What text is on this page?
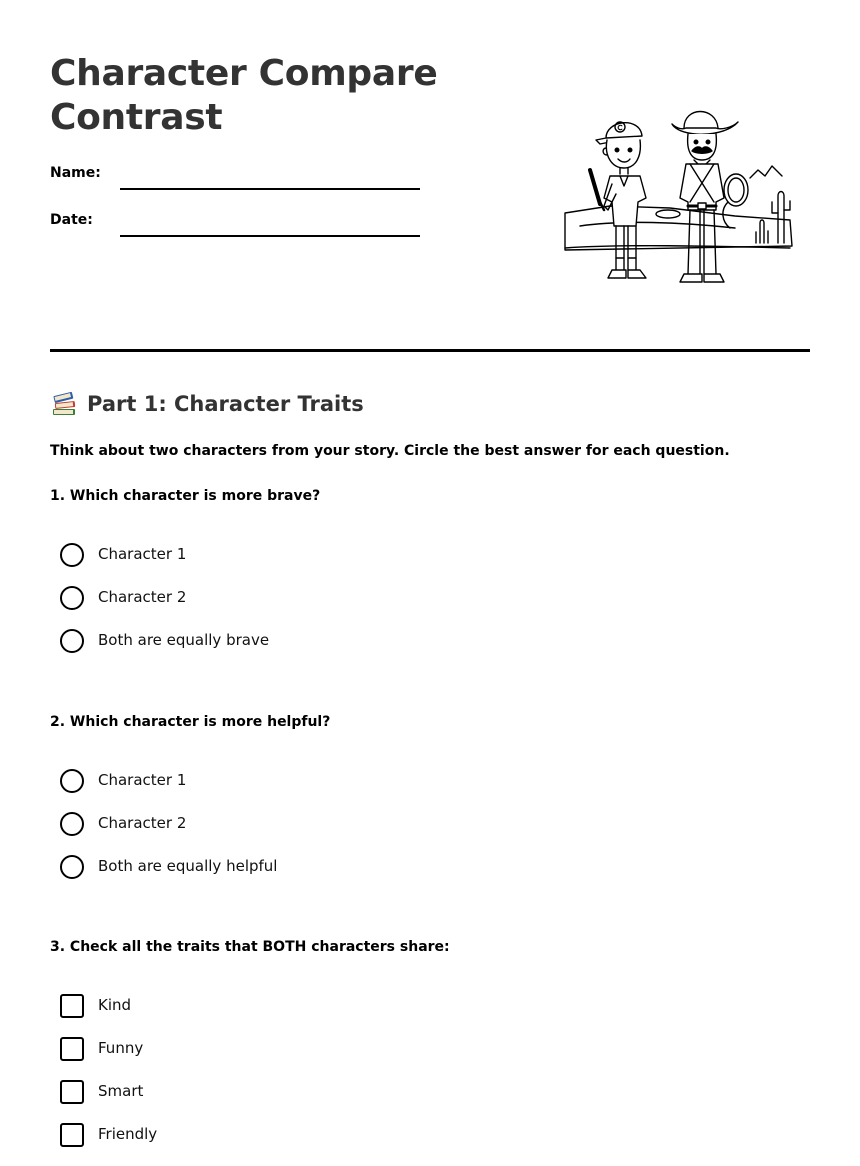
Character Compare Contrast
Name:
Date:
C
Part 1: Character Traits
Think about two characters from your story. Circle the best answer for each question.

1. Which character is more brave?

Character 1
Character 2
Both are equally brave

2. Which character is more helpful?

Character 1
Character 2
Both are equally helpful

3. Check all the traits that BOTH characters share:

Kind
Funny
Smart
Friendly
